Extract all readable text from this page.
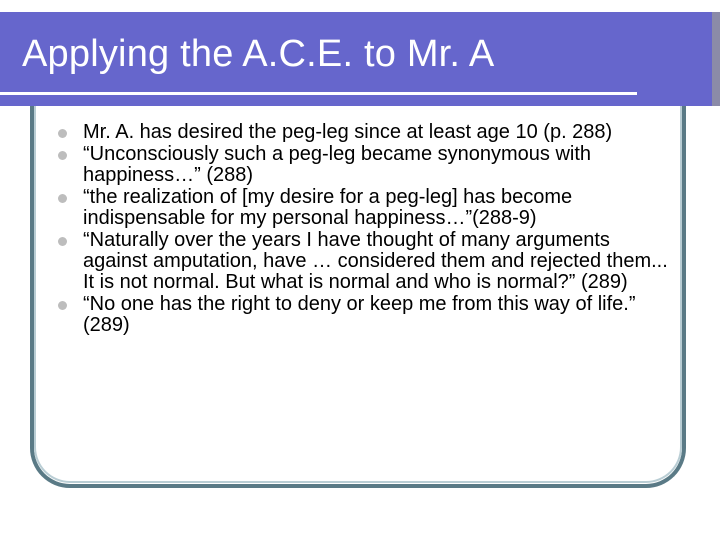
Applying the A.C.E. to Mr. A
Mr. A. has desired the peg-leg since at least age 10 (p. 288)
“Unconsciously such a peg-leg became synonymous with happiness…” (288)
“the realization of [my desire for a peg-leg] has become indispensable for my personal happiness…”(288-9)
“Naturally over the years I have thought of many arguments against amputation, have … considered them and rejected them... It is not normal. But what is normal and who is normal?” (289)
“No one has the right to deny or keep me from this way of life.” (289)
